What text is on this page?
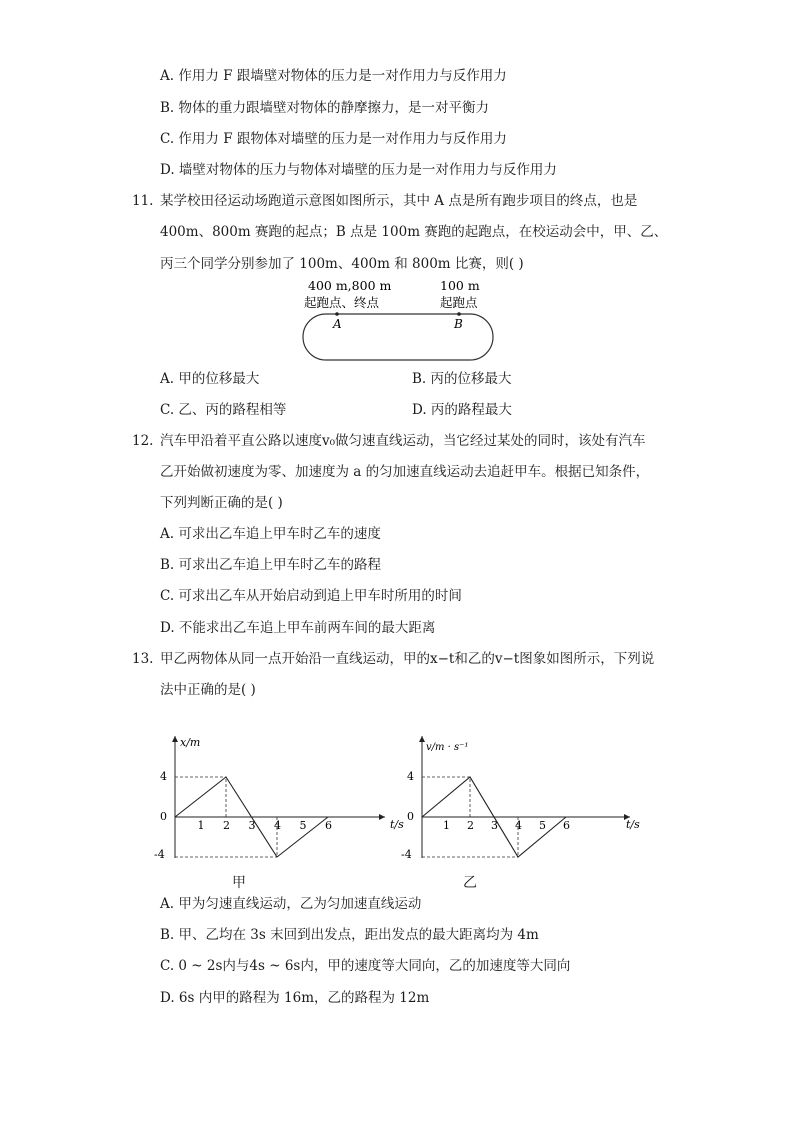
A. 作用力 F 跟墙壁对物体的压力是一对作用力与反作用力
B. 物体的重力跟墙壁对物体的静摩擦力，是一对平衡力
C. 作用力 F 跟物体对墙壁的压力是一对作用力与反作用力
D. 墙壁对物体的压力与物体对墙壁的压力是一对作用力与反作用力
11. 某学校田径运动场跑道示意图如图所示，其中 A 点是所有跑步项目的终点，也是
400m、800m 赛跑的起点；B 点是 100m 赛跑的起跑点，在校运动会中，甲、乙、
丙三个同学分别参加了 100m、400m 和 800m 比赛，则( )
400 m,800 m
起跑点、终点
100 m
起跑点
A	B
A. 甲的位移最大	B. 丙的位移最大
C. 乙、丙的路程相等	D. 丙的路程最大
12. 汽车甲沿着平直公路以速度v₀做匀速直线运动，当它经过某处的同时，该处有汽车
乙开始做初速度为零、加速度为 a 的匀加速直线运动去追赶甲车。根据已知条件，
下列判断正确的是( )
A. 可求出乙车追上甲车时乙车的速度
B. 可求出乙车追上甲车时乙车的路程
C. 可求出乙车从开始启动到追上甲车时所用的时间
D. 不能求出乙车追上甲车前两车间的最大距离
13. 甲乙两物体从同一点开始沿一直线运动，甲的x−t和乙的v−t图象如图所示，下列说
法中正确的是( )
x/m
t/s
4
0
-4
1 2 3 4 5 6
甲
v/m · s⁻¹
t/s
4
0
-4
1 2 3 4 5 6
乙
A. 甲为匀速直线运动，乙为匀加速直线运动
B. 甲、乙均在 3s 末回到出发点，距出发点的最大距离均为 4m
C. 0 ~ 2s内与4s ~ 6s内，甲的速度等大同向，乙的加速度等大同向
D. 6s 内甲的路程为 16m，乙的路程为 12m
